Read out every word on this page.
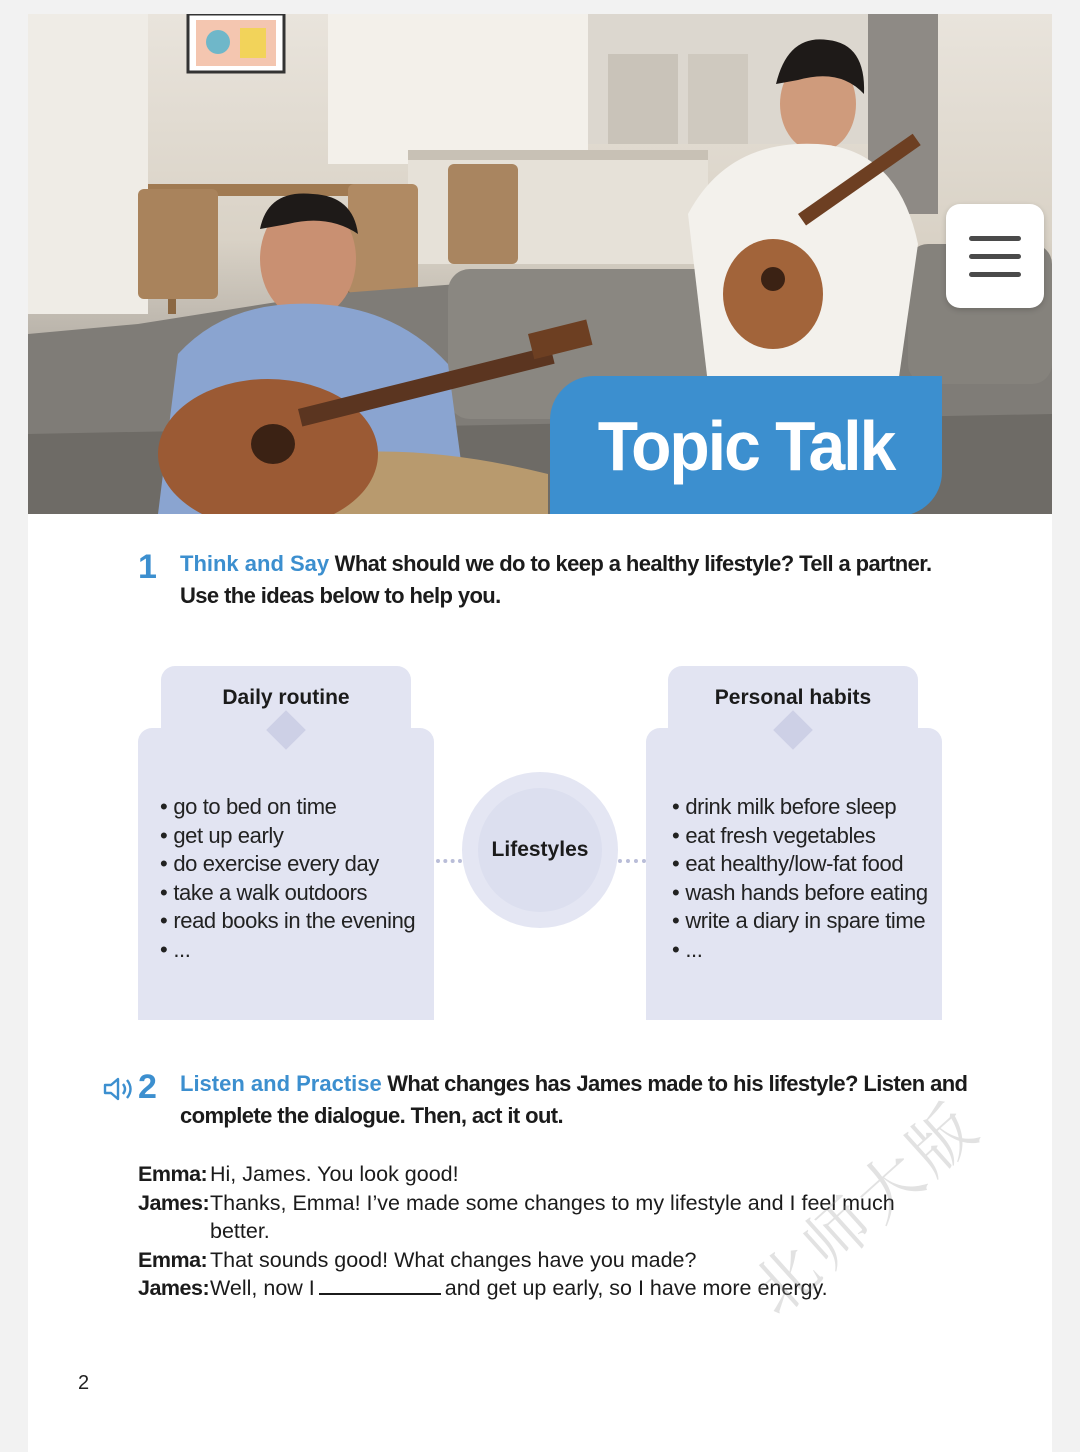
Topic Talk
1 Think and Say What should we do to keep a healthy lifestyle? Tell a partner.
Use the ideas below to help you.
Daily routine
• go to bed on time
• get up early
• do exercise every day
• take a walk outdoors
• read books in the evening
• ...
Lifestyles
Personal habits
• drink milk before sleep
• eat fresh vegetables
• eat healthy/low-fat food
• wash hands before eating
• write a diary in spare time
• ...
2 Listen and Practise What changes has James made to his lifestyle? Listen and
complete the dialogue. Then, act it out.
Emma: Hi, James. You look good!
James: Thanks, Emma! I’ve made some changes to my lifestyle and I feel much
better.
Emma: That sounds good! What changes have you made?
James: Well, now I	and get up early, so I have more energy.
2
北师大版
